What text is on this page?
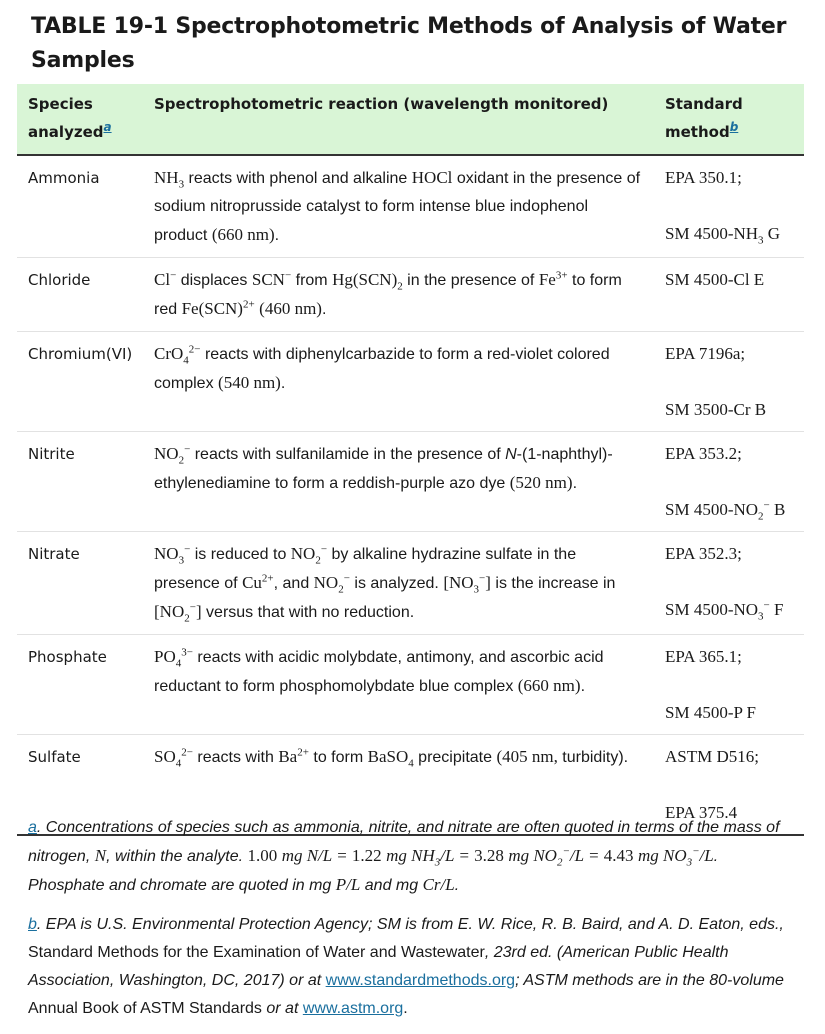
TABLE 19-1 Spectrophotometric Methods of Analysis of Water Samples
Species analyzed$^a$	Spectrophotometric reaction (wavelength monitored)	Standard method$^b$
Ammonia	$NH_3$ reacts with phenol and alkaline HOCl oxidant in the presence of sodium nitroprusside catalyst to form intense blue indophenol product (660 nm).	EPA 350.1;
SM $4500-NH_3$ G

Chloride	Cl− displaces SCN− from $Hg(SCN)_2$ in the presence of $Fe^{3+}$ to form red Fe(SCN)$^{2+}$ (460 nm).	SM 4500-Cl E

Chromium(VI)	CrO$_4^{2-}$ reacts with diphenylcarbazide to form a red-violet colored complex (540 nm).	EPA 7196a;
SM 3500-Cr B

Nitrite	$NO_2^-$ reacts with sulfanilamide in the presence of N-(1-naphthyl)-ethylenediamine to form a reddish-purple azo dye (520 nm).	EPA 353.2;
SM $4500-NO_2^-$ B

Nitrate	$NO_3^-$ is reduced to $NO_2^-$ by alkaline hydrazine sulfate in the presence of $Cu^{2+}$, and $NO_2^-$ is analyzed. $[NO_3^-]$ is the increase in $[NO_2^-]$ versus that with no reduction.	EPA 352.3;
SM $4500-NO_3^-$ F

Phosphate	$PO_4^{3-}$ reacts with acidic molybdate, antimony, and ascorbic acid reductant to form phosphomolybdate blue complex (660 nm).	EPA 365.1;
SM 4500-P F

Sulfate	$SO_4^{2-}$ reacts with $Ba^{2+}$ to form BaSO$_4$ precipitate (405 nm, turbidity).	ASTM D516;
EPA 375.4

a. Concentrations of species such as ammonia, nitrite, and nitrate are often quoted in terms of the mass of nitrogen, N, within the analyte. 1.00 mg N/L = 1.22 mg $NH_3/L = 3.28$ mg $NO_2^-/L = 4.43$ mg $NO_3^-/L$. Phosphate and chromate are quoted in mg P/L and mg Cr/L.

b. EPA is U.S. Environmental Protection Agency; SM is from E. W. Rice, R. B. Baird, and A. D. Eaton, eds., Standard Methods for the Examination of Water and Wastewater, 23rd ed. (American Public Health Association, Washington, DC, 2017) or at www.standardmethods.org; ASTM methods are in the 80-volume Annual Book of ASTM Standards or at www.astm.org.
